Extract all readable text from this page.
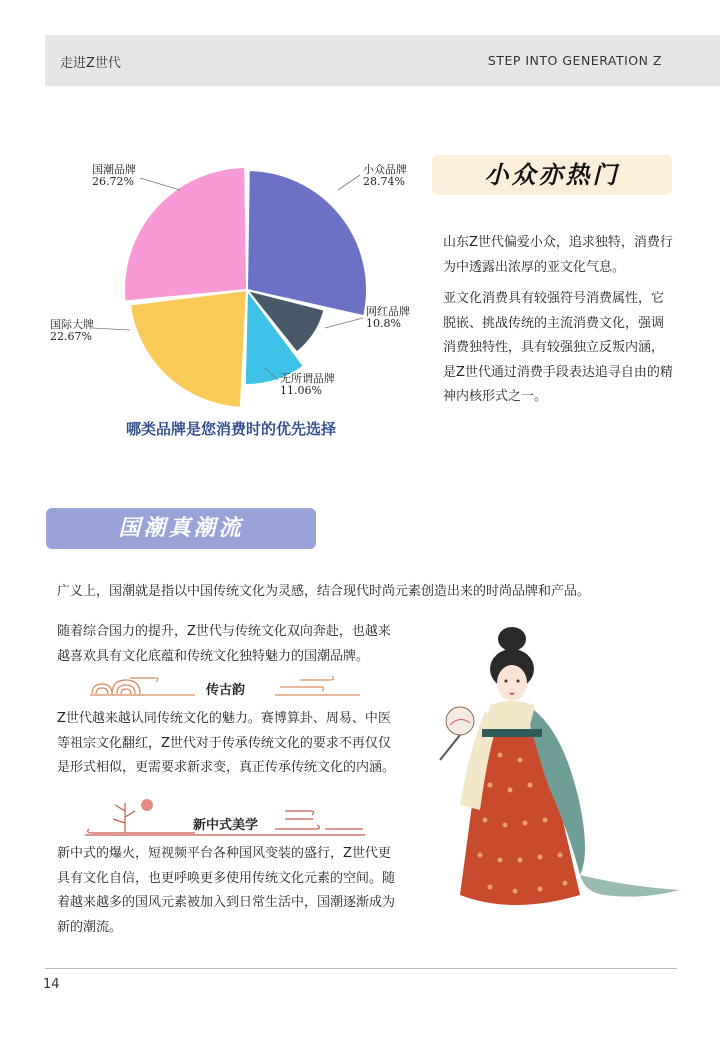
走进Z世代	STEP INTO GENERATION Z
小众品牌
28.74%
网红品牌
10.8%
无所谓品牌
11.06%
国际大牌
22.67%
国潮品牌
26.72%
哪类品牌是您消费时的优先选择
小众亦热门
山东Z世代偏爱小众，追求独特，消费行为中透露出浓厚的亚文化气息。
亚文化消费具有较强符号消费属性，它脱嵌、挑战传统的主流消费文化，强调消费独特性，具有较强独立反叛内涵，是Z世代通过消费手段表达追寻自由的精神内核形式之一。
国潮真潮流
广义上，国潮就是指以中国传统文化为灵感，结合现代时尚元素创造出来的时尚品牌和产品。
随着综合国力的提升，Z世代与传统文化双向奔赴，也越来越喜欢具有文化底蕴和传统文化独特魅力的国潮品牌。
传古韵
Z世代越来越认同传统文化的魅力。赛博算卦、周易、中医等祖宗文化翻红，Z世代对于传承传统文化的要求不再仅仅是形式相似，更需要求新求变，真正传承传统文化的内涵。
新中式美学
新中式的爆火，短视频平台各种国风变装的盛行，Z世代更具有文化自信，也更呼唤更多使用传统文化元素的空间。随着越来越多的国风元素被加入到日常生活中，国潮逐渐成为新的潮流。
14
